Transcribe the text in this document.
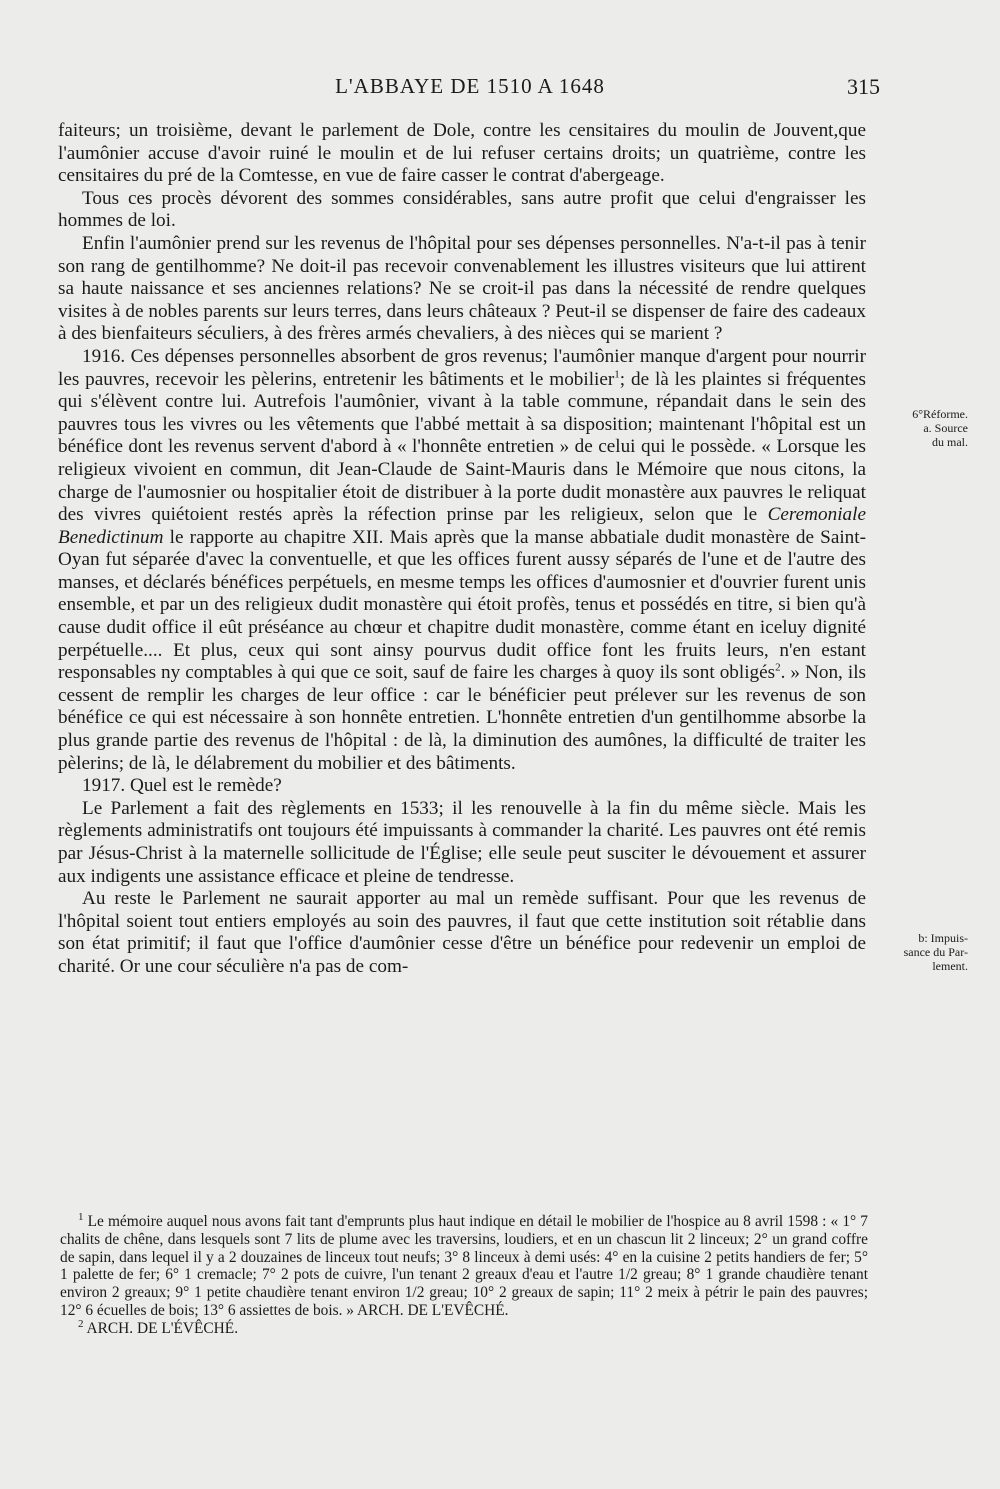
L'ABBAYE DE 1510 A 1648	315

faiteurs; un troisième, devant le parlement de Dole, contre les censitaires du moulin de Jouvent,que l'aumônier accuse d'avoir ruiné le moulin et de lui refuser certains droits; un quatrième, contre les censitaires du pré de la Comtesse, en vue de faire casser le contrat d'abergeage.

Tous ces procès dévorent des sommes considérables, sans autre profit que celui d'engraisser les hommes de loi.

Enfin l'aumônier prend sur les revenus de l'hôpital pour ses dépenses personnelles. N'a-t-il pas à tenir son rang de gentilhomme? Ne doit-il pas recevoir convenablement les illustres visiteurs que lui attirent sa haute naissance et ses anciennes relations? Ne se croit-il pas dans la nécessité de rendre quelques visites à de nobles parents sur leurs terres, dans leurs châteaux ? Peut-il se dispenser de faire des cadeaux à des bienfaiteurs séculiers, à des frères armés chevaliers, à des nièces qui se marient ?

1916. Ces dépenses personnelles absorbent de gros revenus; l'aumônier manque d'argent pour nourrir les pauvres, recevoir les pèlerins, entretenir les bâtiments et le mobilier$^1$; de là les plaintes si fréquentes qui s'élèvent contre lui. Autrefois l'aumônier, vivant à la table commune, répandait dans le sein des pauvres tous les vivres ou les vêtements que l'abbé mettait à sa disposition; maintenant l'hôpital est un bénéfice dont les revenus servent d'abord à « l'honnête entretien » de celui qui le possède. « Lorsque les religieux vivoient en commun, dit Jean-Claude de Saint-Mauris dans le Mémoire que nous citons, la charge de l'aumosnier ou hospitalier étoit de distribuer à la porte dudit monastère aux pauvres le reliquat des vivres quiétoient restés après la réfection prinse par les religieux, selon que le Ceremoniale Benedictinum le rapporte au chapitre XII. Mais après que la manse abbatiale dudit monastère de Saint-Oyan fut séparée d'avec la conventuelle, et que les offices furent aussy séparés de l'une et de l'autre des manses, et déclarés bénéfices perpétuels, en mesme temps les offices d'aumosnier et d'ouvrier furent unis ensemble, et par un des religieux dudit monastère qui étoit profès, tenus et possédés en titre, si bien qu'à cause dudit office il eût préséance au chœur et chapitre dudit monastère, comme étant en iceluy dignité perpétuelle.... Et plus, ceux qui sont ainsy pourvus dudit office font les fruits leurs, n'en estant responsables ny comptables à qui que ce soit, sauf de faire les charges à quoy ils sont obligés$^2$. » Non, ils cessent de remplir les charges de leur office : car le bénéficier peut prélever sur les revenus de son bénéfice ce qui est nécessaire à son honnête entretien. L'honnête entretien d'un gentilhomme absorbe la plus grande partie des revenus de l'hôpital : de là, la diminution des aumônes, la difficulté de traiter les pèlerins; de là, le délabrement du mobilier et des bâtiments.

1917. Quel est le remède?

Le Parlement a fait des règlements en 1533; il les renouvelle à la fin du même siècle. Mais les règlements administratifs ont toujours été impuissants à commander la charité. Les pauvres ont été remis par Jésus-Christ à la maternelle sollicitude de l'Église; elle seule peut susciter le dévouement et assurer aux indigents une assistance efficace et pleine de tendresse.

Au reste le Parlement ne saurait apporter au mal un remède suffisant. Pour que les revenus de l'hôpital soient tout entiers employés au soin des pauvres, il faut que cette institution soit rétablie dans son état primitif; il faut que l'office d'aumônier cesse d'être un bénéfice pour redevenir un emploi de charité. Or une cour séculière n'a pas de com-

6°Réforme.
a. Source
du mal.
b: Impuis-
sance du Par-
lement.

$^1$ Le mémoire auquel nous avons fait tant d'emprunts plus haut indique en détail le mobilier de l'hospice au 8 avril 1598 : « 1° 7 chalits de chêne, dans lesquels sont 7 lits de plume avec les traversins, loudiers, et en un chascun lit 2 linceux; 2° un grand coffre de sapin, dans lequel il y a 2 douzaines de linceux tout neufs; 3° 8 linceux à demi usés: 4° en la cuisine 2 petits handiers de fer; 5° 1 palette de fer; 6° 1 cremacle; 7° 2 pots de cuivre, l'un tenant 2 greaux d'eau et l'autre 1/2 greau; 8° 1 grande chaudière tenant environ 2 greaux; 9° 1 petite chaudière tenant environ 1/2 greau; 10° 2 greaux de sapin; 11° 2 meix à pétrir le pain des pauvres; 12° 6 écuelles de bois; 13° 6 assiettes de bois. » ARCH. DE L'EVÊCHÉ.

$^2$ ARCH. DE L'ÉVÊCHÉ.
